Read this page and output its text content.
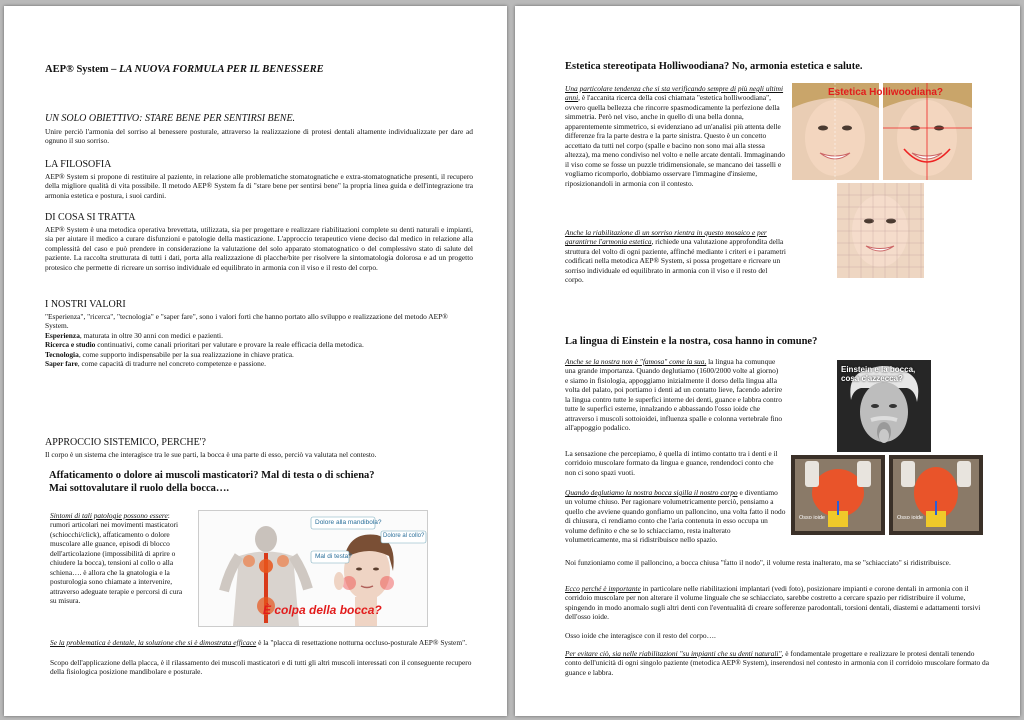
AEP® System – LA NUOVA FORMULA PER IL BENESSERE
UN SOLO OBIETTIVO: STARE BENE PER SENTIRSI BENE.
Unire perciò l'armonia del sorriso al benessere posturale, attraverso la realizzazione di protesi dentali altamente individualizzate per dare ad ognuno il suo sorriso.
LA FILOSOFIA
AEP® System si propone di restituire al paziente, in relazione alle problematiche stomatognatiche e extra-stomatognatiche presenti, il recupero della migliore qualità di vita possibile. Il metodo AEP® System fa di "stare bene per sentirsi bene" la propria linea guida e dell'integrazione tra armonia estetica e postura, i suoi cardini.
DI COSA SI TRATTA
AEP® System è una metodica operativa brevettata, utilizzata, sia per progettare e realizzare riabilitazioni complete su denti naturali e impianti, sia per aiutare il medico a curare disfunzioni e patologie della masticazione. L'approccio terapeutico viene deciso dal medico in relazione alla complessità del caso e può prendere in considerazione la valutazione del solo apparato stomatognatico o del complessivo stato di salute del paziente. La raccolta strutturata di tutti i dati, porta alla realizzazione di placche/bite per risolvere la sintomatologia dolorosa e ad un progetto protesico che permette di ricreare un sorriso individuale ed equilibrato in armonia con il viso e il resto del corpo.
I NOSTRI VALORI

"Esperienza", "ricerca", "tecnologia" e "saper fare", sono i valori forti che hanno portato allo sviluppo e realizzazione del metodo AEP® System.

Esperienza, maturata in oltre 30 anni con medici e pazienti.

Ricerca e studio continuativi, come canali prioritari per valutare e provare la reale efficacia della metodica.

Tecnologia, come supporto indispensabile per la sua realizzazione in chiave pratica.

Saper fare, come capacità di tradurre nel concreto competenze e passione.

APPROCCIO SISTEMICO, PERCHE'?
Il corpo è un sistema che interagisce tra le sue parti, la bocca è una parte di esso, perciò va valutata nel contesto.
Affaticamento o dolore ai muscoli masticatori? Mal di testa o di schiena?
Mai sottovalutare il ruolo della bocca….
Sintomi di tali patologie possono essere: rumori articolari nei movimenti masticatori (schiocchi/click), affaticamento o dolore muscolare alle guance, episodi di blocco dell'articolazione (impossibilità di aprire o chiudere la bocca), tensioni al collo o alla schiena…. è allora che la gnatologia e la posturologia sono chiamate a intervenire, attraverso adeguate terapie e percorsi di cura su misura.
Dolore alla mandibola?
Mal di testa?
Dolore al collo?
È colpa della bocca?
Se la problematica è dentale, la soluzione che si è dimostrata efficace è la "placca di resettazione notturna occluso-posturale AEP® System".
Scopo dell'applicazione della placca, è il rilassamento dei muscoli masticatori e di tutti gli altri muscoli interessati con il conseguente recupero della fisiologica posizione mandibolare e posturale.
Estetica stereotipata Holliwoodiana? No, armonia estetica e salute.
Una particolare tendenza che si sta verificando sempre di più negli ultimi anni, è l'accanita ricerca della così chiamata "estetica holliwoodiana", ovvero quella bellezza che rincorre spasmodicamente la perfezione della simmetria. Però nel viso, anche in quello di una bella donna, apparentemente simmetrico, si evidenziano ad un'analisi più attenta delle differenze fra la parte destra e la parte sinistra. Questo è un concetto accettato da tutti nel corpo (spalle e bacino non sono mai alla stessa altezza), ma meno condiviso nel volto e nelle arcate dentali. Immaginando il viso come se fosse un puzzle tridimensionale, se mancano dei tasselli e vogliamo ricomporlo, dobbiamo osservare l'immagine d'insieme, riposizionandoli in armonia con il contesto.
Anche la riabilitazione di un sorriso rientra in questo mosaico e per garantirne l'armonia estetica, richiede una valutazione approfondita della struttura del volto di ogni paziente, affinché mediante i criteri e i parametri codificati nella metodica AEP® System, si possa progettare e ricreare un sorriso individuale ed equilibrato in armonia con il viso e il resto del corpo.
Estetica Holliwoodiana?
La lingua di Einstein e la nostra, cosa hanno in comune?
Anche se la nostra non è "famosa" come la sua, la lingua ha comunque una grande importanza. Quando deglutiamo (1600/2000 volte al giorno) e siamo in fisiologia, appoggiamo inizialmente il dorso della lingua alla volta del palato, poi portiamo i denti ad un contatto lieve, facendo aderire la lingua contro tutte le superfici interne dei denti, guance e labbra contro tutte le superfici esterne, innalzando e abbassando l'osso ioide che attraverso i muscoli sottoioidei, influenza spalle e colonna vertebrale fino all'appoggio podalico.
La sensazione che percepiamo, è quella di intimo contatto tra i denti e il corridoio muscolare formato da lingua e guance, rendendoci conto che non ci sono spazi vuoti.
Quando deglutiamo la nostra bocca sigilla il nostro corpo e diventiamo un volume chiuso. Per ragionare volumetricamente perciò, pensiamo a quello che avviene quando gonfiamo un palloncino, una volta fatto il nodo di chiusura, ci rendiamo conto che l'aria contenuta in esso occupa un volume definito e che se lo schiacciamo, resta inalterato volumetricamente, ma si ridistribuisce nello spazio.
Noi funzioniamo come il palloncino, a bocca chiusa "fatto il nodo", il volume resta inalterato, ma se "schiacciato" si ridistribuisce.
Ecco perché è importante in particolare nelle riabilitazioni implantari (vedi foto), posizionare impianti e corone dentali in armonia con il corridoio muscolare per non alterare il volume linguale che se schiacciato, sarebbe costretto a cercare spazio per ridistribuire il volume, spingendo in modo anomalo sugli altri denti con l'eventualità di creare sofferenze parodontali, torsioni dentali, diastemi e adattamenti torsivi dell'osso ioide.
Osso ioide che interagisce con il resto del corpo….
Per evitare ciò, sia nelle riabilitazioni "su impianti che su denti naturali", è fondamentale progettare e realizzare le protesi dentali tenendo conto dell'unicità di ogni singolo paziente (metodica AEP® System), inserendosi nel contesto in armonia con il corridoio muscolare formato da guance e labbra.
Einstein e la bocca,
cosa c'azzecca?
Osso ioide	Osso ioide
